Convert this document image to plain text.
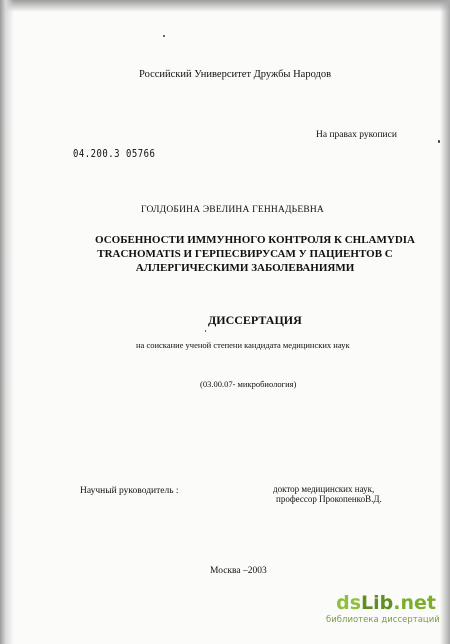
Российский Университет Дружбы Народов
На правах рукописи
04.200.3 05766
ГОЛДОБИНА ЭВЕЛИНА ГЕННАДЬЕВНА
ОСОБЕННОСТИ ИММУННОГО КОНТРОЛЯ К CHLAMYDIA
TRACHOMATIS И ГЕРПЕСВИРУСАМ У ПАЦИЕНТОВ С
АЛЛЕРГИЧЕСКИМИ ЗАБОЛЕВАНИЯМИ
ДИССЕРТАЦИЯ
на соискание ученой степени кандидата медицинских наук
(03.00.07- микробиология)
Научный руководитель :	доктор медицинских наук,
профессор ПрокопенкоВ.Д.
Москва –2003
dsLib.net
библиотека диссертаций
